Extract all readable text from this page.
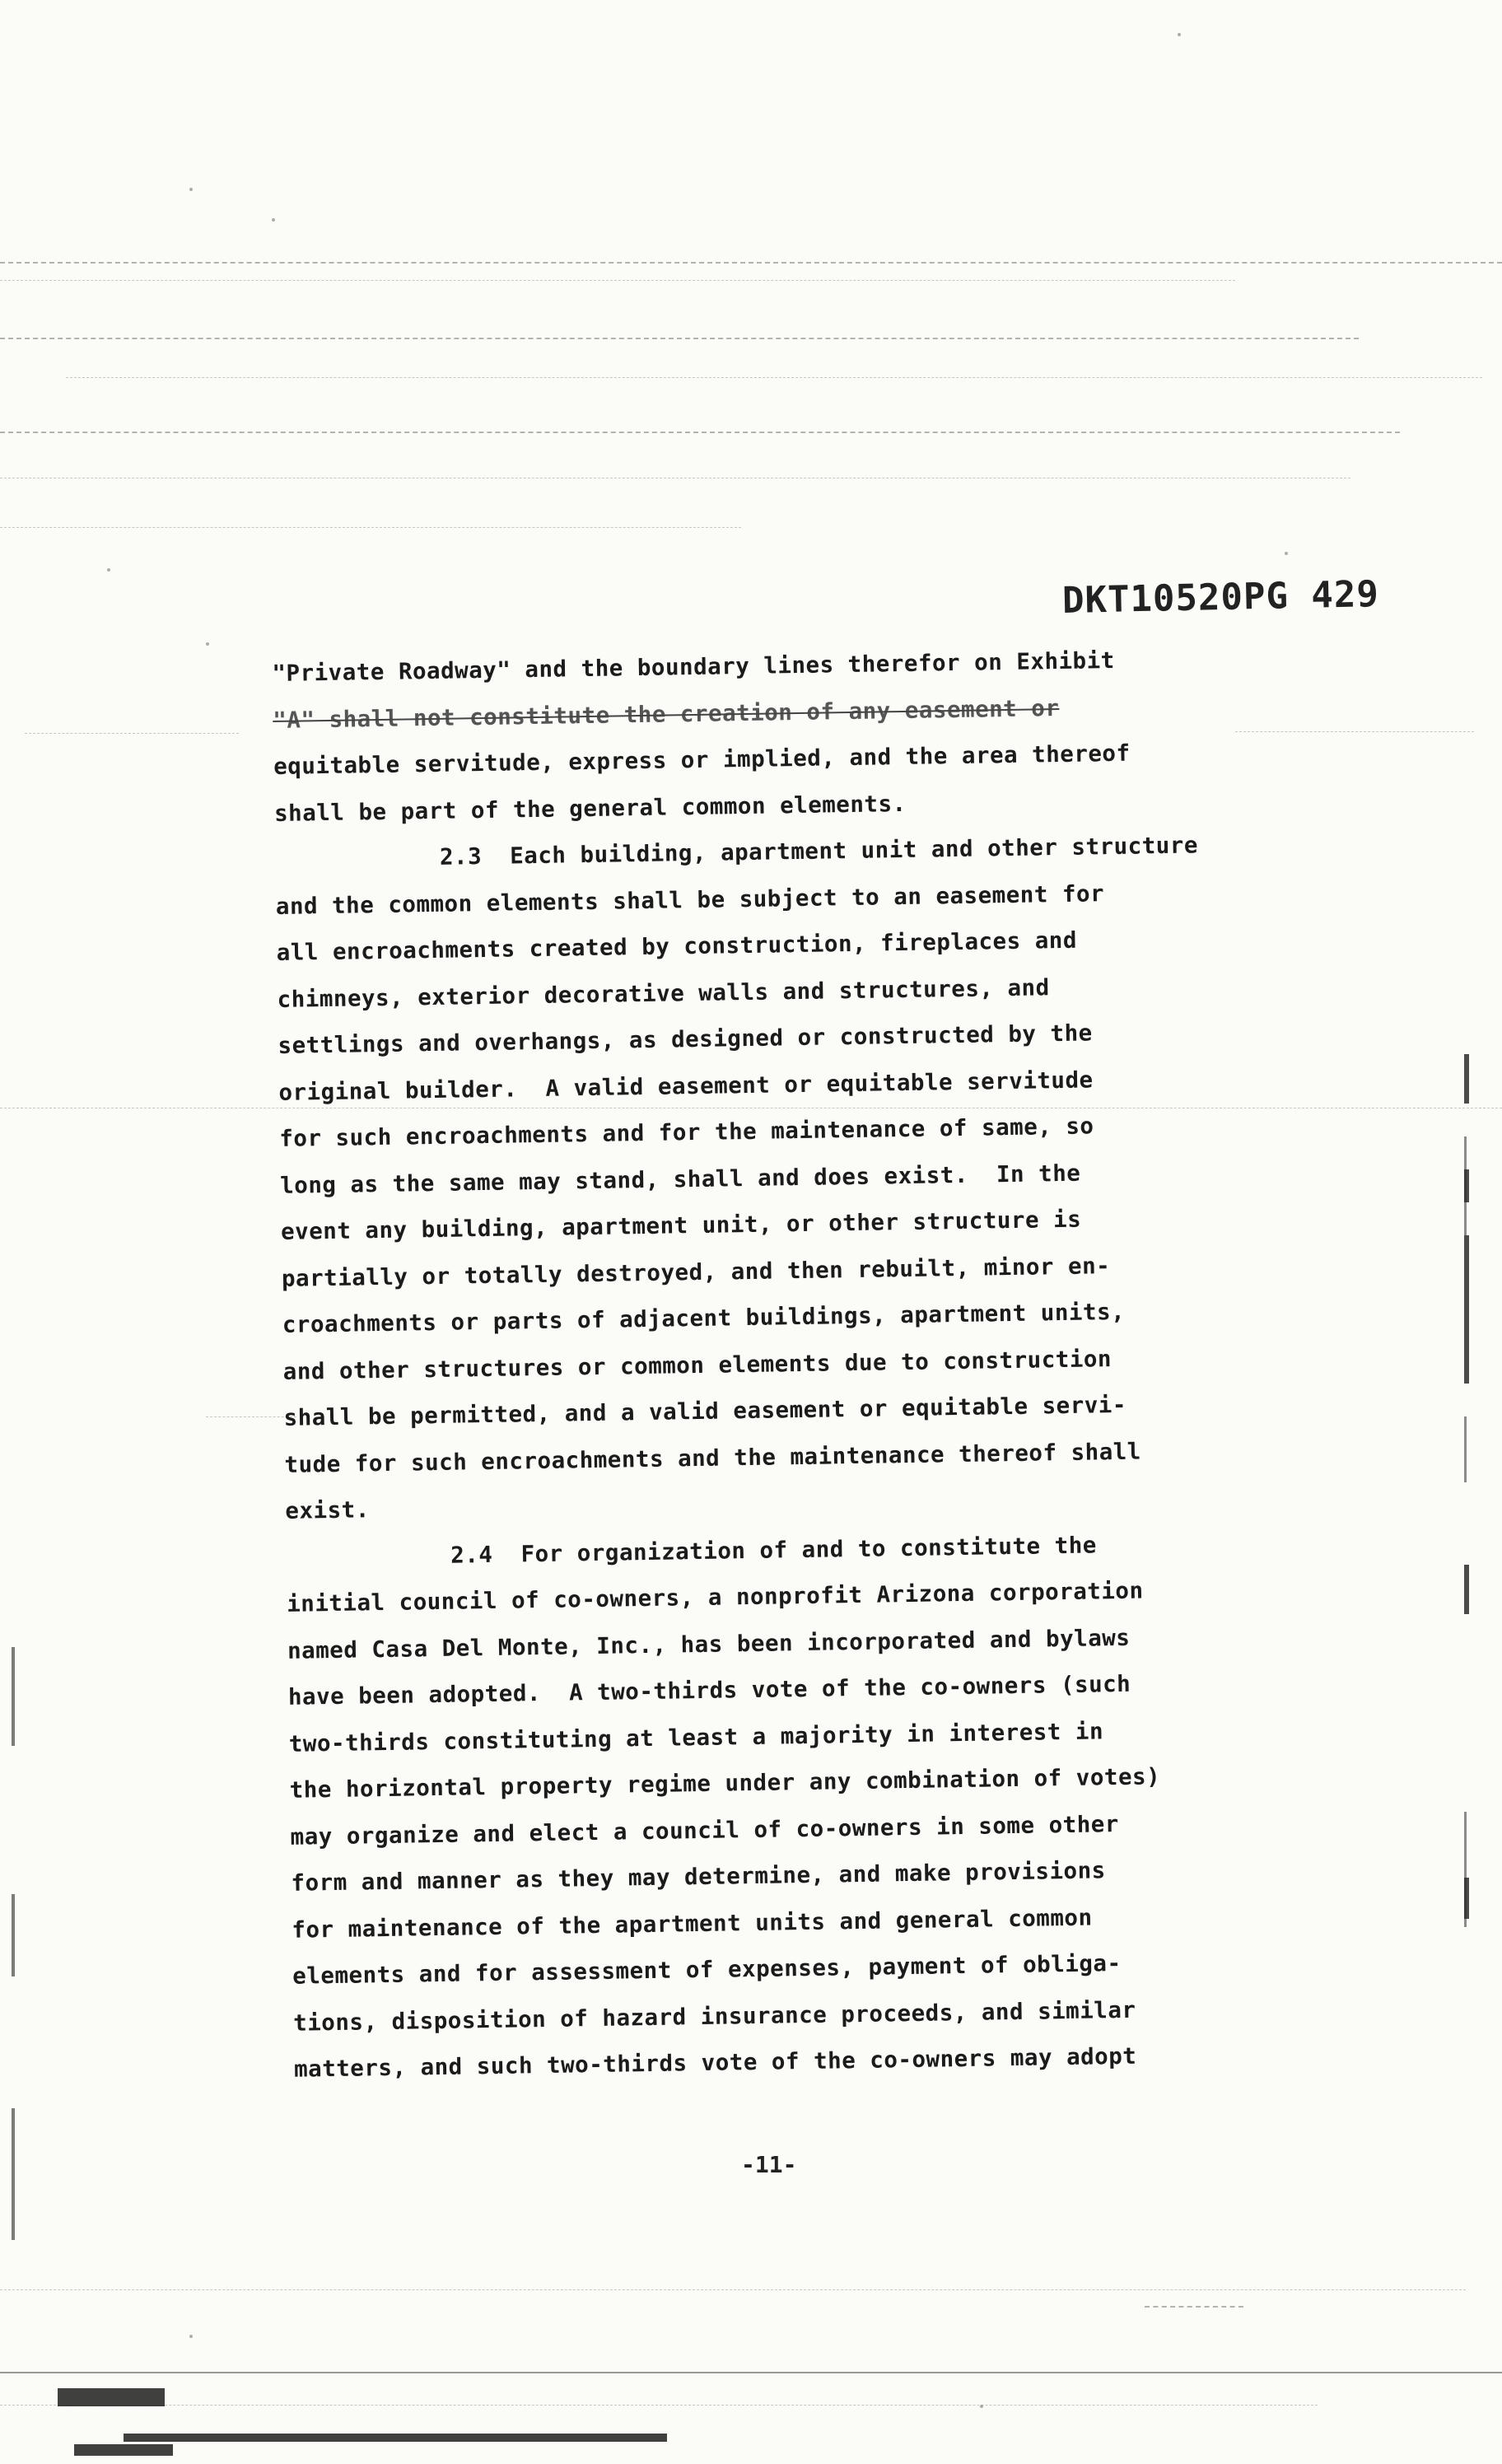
DKT10520PG 429
"Private Roadway" and the boundary lines therefor on Exhibit
"A" shall not constitute the creation of any easement or
equitable servitude, express or implied, and the area thereof
shall be part of the general common elements.
2.3  Each building, apartment unit and other structure
and the common elements shall be subject to an easement for
all encroachments created by construction, fireplaces and
chimneys, exterior decorative walls and structures, and
settlings and overhangs, as designed or constructed by the
original builder.  A valid easement or equitable servitude
for such encroachments and for the maintenance of same, so
long as the same may stand, shall and does exist.  In the
event any building, apartment unit, or other structure is
partially or totally destroyed, and then rebuilt, minor en-
croachments or parts of adjacent buildings, apartment units,
and other structures or common elements due to construction
shall be permitted, and a valid easement or equitable servi-
tude for such encroachments and the maintenance thereof shall
exist.
2.4  For organization of and to constitute the
initial council of co-owners, a nonprofit Arizona corporation
named Casa Del Monte, Inc., has been incorporated and bylaws
have been adopted.  A two-thirds vote of the co-owners (such
two-thirds constituting at least a majority in interest in
the horizontal property regime under any combination of votes)
may organize and elect a council of co-owners in some other
form and manner as they may determine, and make provisions
for maintenance of the apartment units and general common
elements and for assessment of expenses, payment of obliga-
tions, disposition of hazard insurance proceeds, and similar
matters, and such two-thirds vote of the co-owners may adopt
-11-
